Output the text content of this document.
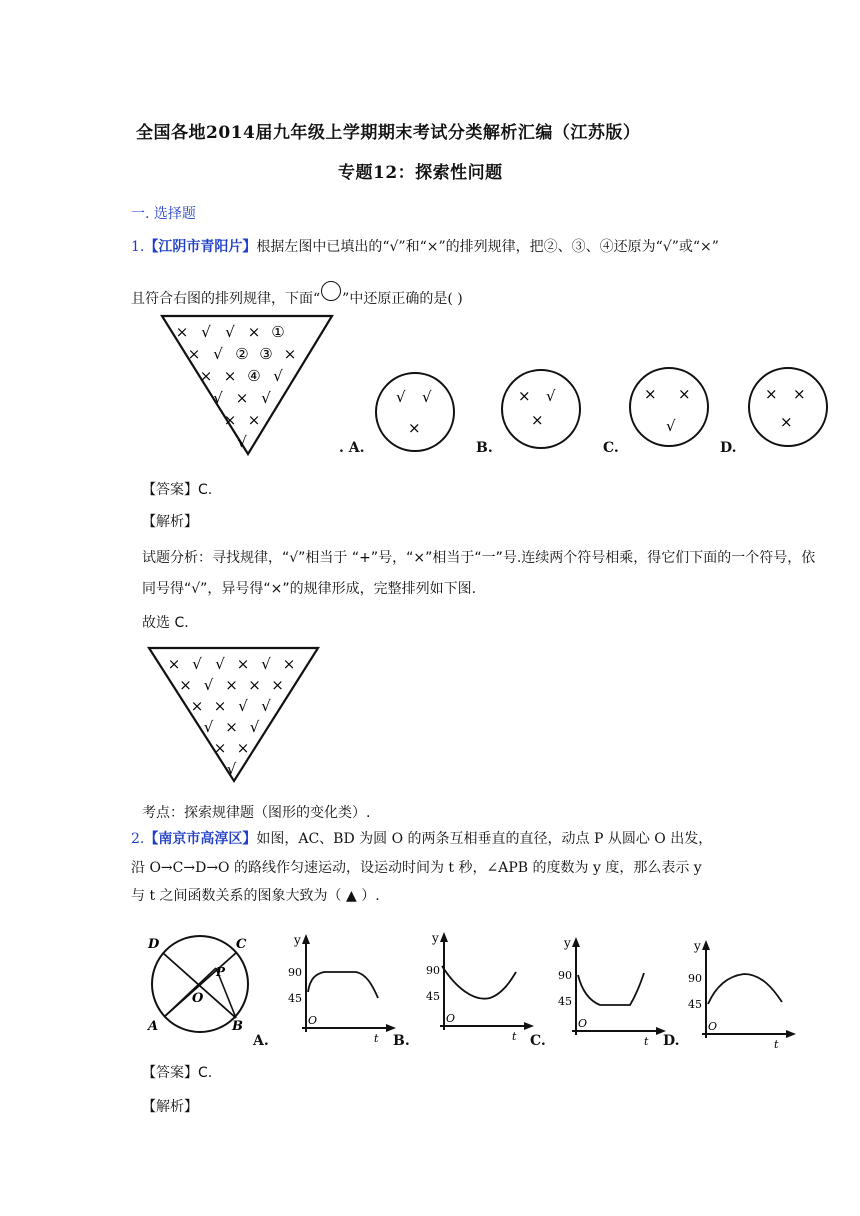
全国各地2014届九年级上学期期末考试分类解析汇编（江苏版）
专题12：探索性问题
一. 选择题
1.【江阴市青阳片】根据左图中已填出的“√”和“×”的排列规律，把②、③、④还原为“√”或“×”
且符合右图的排列规律，下面“ ”中还原正确的是( )
× √ √ × ①
× √ ② ③ ×
× × ④ √
√ × √
× ×
√
√ √
×
× √
×
× ×
√
× ×
×
. A.	B.	C.	D.
【答案】C.
【解析】
试题分析：寻找规律，“√”相当于 “+”号，“×”相当于“一”号.连续两个符号相乘，得它们下面的一个符号，依
同号得“√”，异号得“×”的规律形成，完整排列如下图.
故选 C.
× √ √ × √ ×
× √ × × ×
× × √ √
√ × √
× ×
√
考点：探索规律题（图形的变化类）.
2.【南京市高淳区】如图，AC、BD 为圆 O 的两条互相垂直的直径，动点 P 从圆心 O 出发，
沿 O→C→D→O 的路线作匀速运动，设运动时间为 t 秒，∠APB 的度数为 y 度，那么表示 y
与 t 之间函数关系的图象大致为（ ▲ ）.
D	C
P
O
A	B
A.
y
t
O
90
45
y
t
O
90
45
y
t
O
90
45
y
t
O
90
45
B.	C.	D.
【答案】C.
【解析】
